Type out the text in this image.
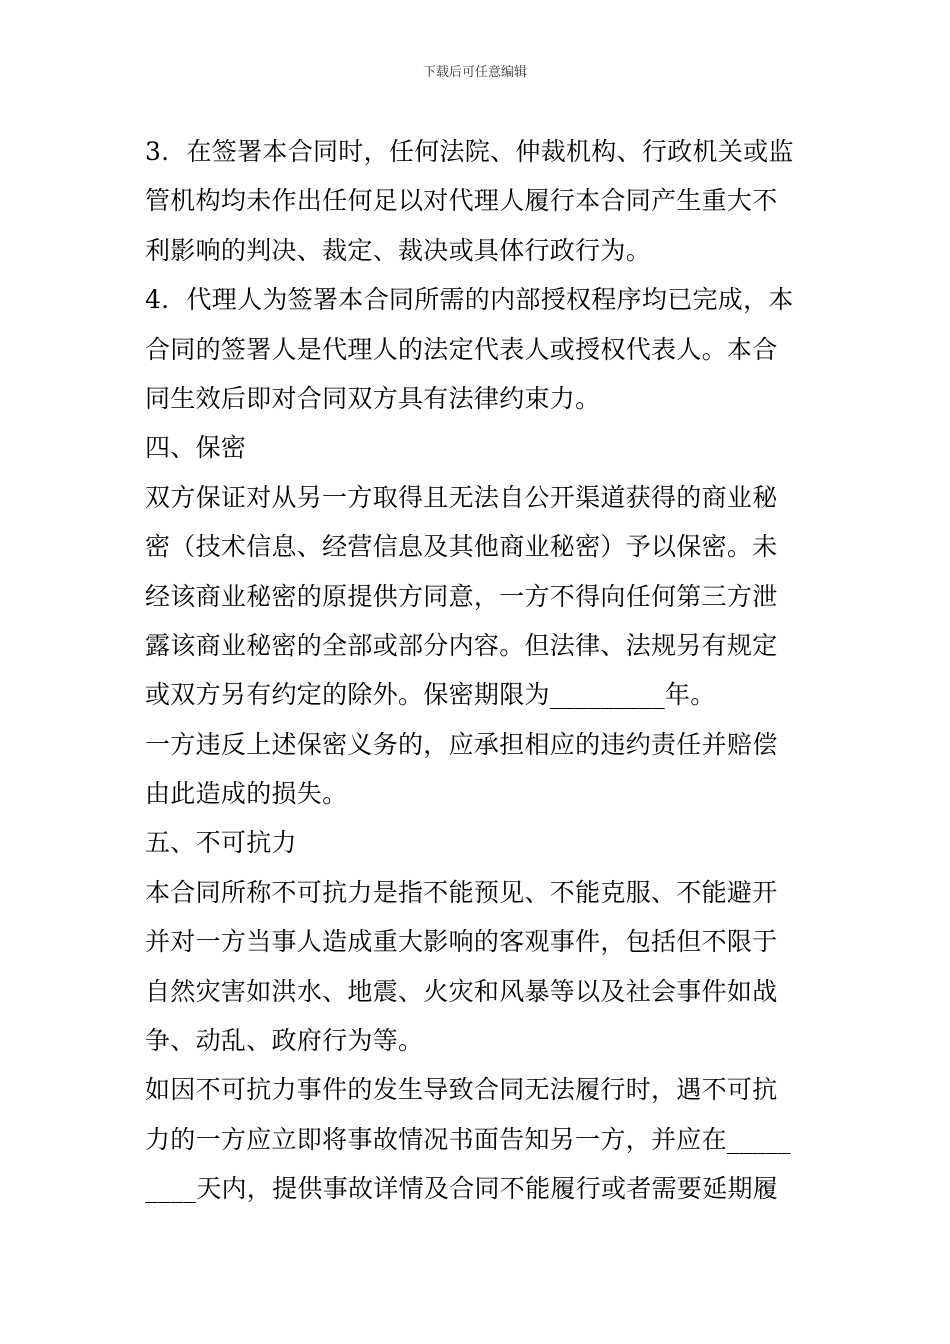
下载后可任意编辑
3．在签署本合同时，任何法院、仲裁机构、行政机关或监
管机构均未作出任何足以对代理人履行本合同产生重大不
利影响的判决、裁定、裁决或具体行政行为。
4．代理人为签署本合同所需的内部授权程序均已完成，本
合同的签署人是代理人的法定代表人或授权代表人。本合
同生效后即对合同双方具有法律约束力。
四、保密
双方保证对从另一方取得且无法自公开渠道获得的商业秘
密（技术信息、经营信息及其他商业秘密）予以保密。未
经该商业秘密的原提供方同意，一方不得向任何第三方泄
露该商业秘密的全部或部分内容。但法律、法规另有规定
或双方另有约定的除外。保密期限为_________年。
一方违反上述保密义务的，应承担相应的违约责任并赔偿
由此造成的损失。
五、不可抗力
本合同所称不可抗力是指不能预见、不能克服、不能避开
并对一方当事人造成重大影响的客观事件，包括但不限于
自然灾害如洪水、地震、火灾和风暴等以及社会事件如战
争、动乱、政府行为等。
如因不可抗力事件的发生导致合同无法履行时，遇不可抗
力的一方应立即将事故情况书面告知另一方，并应在_____
____天内，提供事故详情及合同不能履行或者需要延期履
